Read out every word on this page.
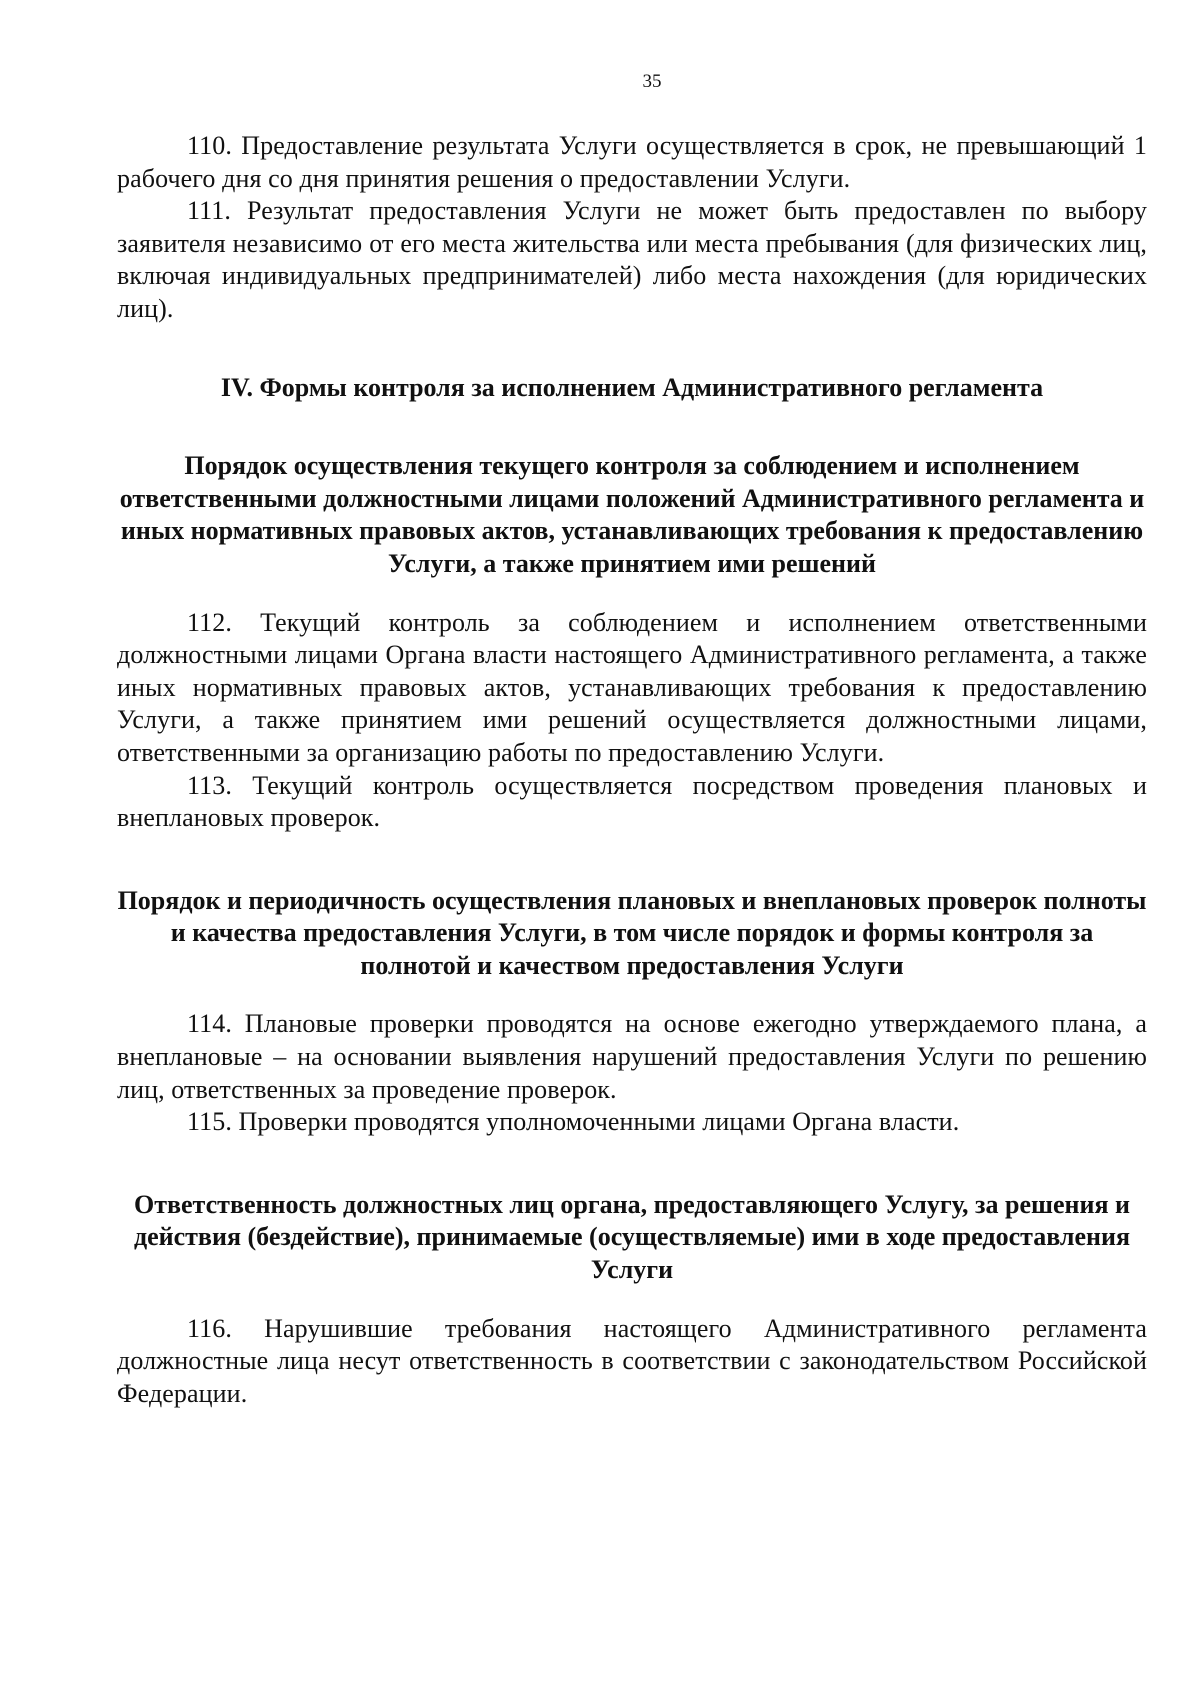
35

110. Предоставление результата Услуги осуществляется в срок, не превышающий 1 рабочего дня со дня принятия решения о предоставлении Услуги.

111. Результат предоставления Услуги не может быть предоставлен по выбору заявителя независимо от его места жительства или места пребывания (для физических лиц, включая индивидуальных предпринимателей) либо места нахождения (для юридических лиц).

IV. Формы контроля за исполнением Административного регламента
Порядок осуществления текущего контроля за соблюдением и исполнением ответственными должностными лицами положений Административного регламента и иных нормативных правовых актов, устанавливающих требования к предоставлению Услуги, а также принятием ими решений

112. Текущий контроль за соблюдением и исполнением ответственными должностными лицами Органа власти настоящего Административного регламента, а также иных нормативных правовых актов, устанавливающих требования к предоставлению Услуги, а также принятием ими решений осуществляется должностными лицами, ответственными за организацию работы по предоставлению Услуги.

113. Текущий контроль осуществляется посредством проведения плановых и внеплановых проверок.

Порядок и периодичность осуществления плановых и внеплановых проверок полноты и качества предоставления Услуги, в том числе порядок и формы контроля за полнотой и качеством предоставления Услуги

114. Плановые проверки проводятся на основе ежегодно утверждаемого плана, а внеплановые – на основании выявления нарушений предоставления Услуги по решению лиц, ответственных за проведение проверок.

115. Проверки проводятся уполномоченными лицами Органа власти.

Ответственность должностных лиц органа, предоставляющего Услугу, за решения и действия (бездействие), принимаемые (осуществляемые) ими в ходе предоставления Услуги

116. Нарушившие требования настоящего Административного регламента должностные лица несут ответственность в соответствии с законодательством Российской Федерации.
